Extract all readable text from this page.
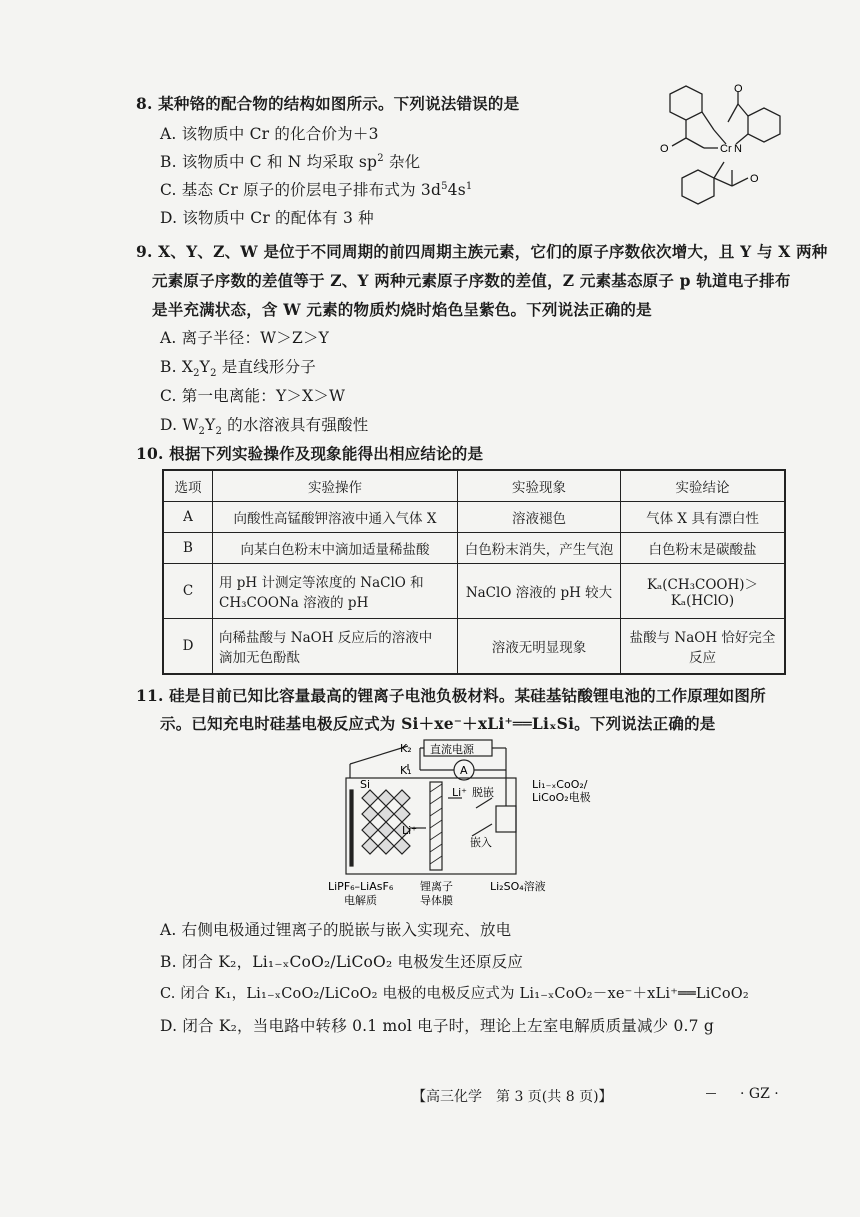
8. 某种铬的配合物的结构如图所示。下列说法错误的是
A. 该物质中 Cr 的化合价为＋3
B. 该物质中 C 和 N 均采取 $sp^2$ 杂化
C. 基态 Cr 原子的价层电子排布式为 $3d^54s^1$
D. 该物质中 Cr 的配体有 3 种
Cr N
O
O
O
9. X、Y、Z、W 是位于不同周期的前四周期主族元素，它们的原子序数依次增大，且 Y 与 X 两种
元素原子序数的差值等于 Z、Y 两种元素原子序数的差值，Z 元素基态原子 p 轨道电子排布
是半充满状态，含 W 元素的物质灼烧时焰色呈紫色。下列说法正确的是
A. 离子半径：W＞Z＞Y
B. $X_2Y_2$ 是直线形分子
C. 第一电离能：Y＞X＞W
D. $W_2Y_2$ 的水溶液具有强酸性
10. 根据下列实验操作及现象能得出相应结论的是
选项	实验操作	实验现象	实验结论
A	向酸性高锰酸钾溶液中通入气体 X	溶液褪色	气体 X 具有漂白性
B	向某白色粉末中滴加适量稀盐酸	白色粉末消失，产生气泡	白色粉末是碳酸盐
C	用 pH 计测定等浓度的 NaClO 和
CH₃COONa 溶液的 pH	NaClO 溶液的 pH 较大	Kₐ(CH₃COOH)＞Kₐ(HClO)
D	向稀盐酸与 NaOH 反应后的溶液中
滴加无色酚酞	溶液无明显现象	盐酸与 NaOH 恰好完全反应
11. 硅是目前已知比容量最高的锂离子电池负极材料。某硅基钴酸锂电池的工作原理如图所
示。已知充电时硅基电极反应式为 Si＋xe⁻＋xLi⁺══LiₓSi。下列说法正确的是
直流电源
A
K₂
K₁
Si
Li⁺ 脱嵌
Li⁺
嵌入
Li₁₋ₓCoO₂/
LiCoO₂电极
LiPF₆–LiAsF₆
电解质
锂离子
导体膜
Li₂SO₄溶液
A. 右侧电极通过锂离子的脱嵌与嵌入实现充、放电
B. 闭合 K₂，Li₁₋ₓCoO₂/LiCoO₂ 电极发生还原反应
C. 闭合 K₁，Li₁₋ₓCoO₂/LiCoO₂ 电极的电极反应式为 Li₁₋ₓCoO₂－xe⁻＋xLi⁺══LiCoO₂
D. 闭合 K₂，当电路中转移 0.1 mol 电子时，理论上左室电解质质量减少 0.7 g
【高三化学　第 3 页(共 8 页)】	· GZ ·
